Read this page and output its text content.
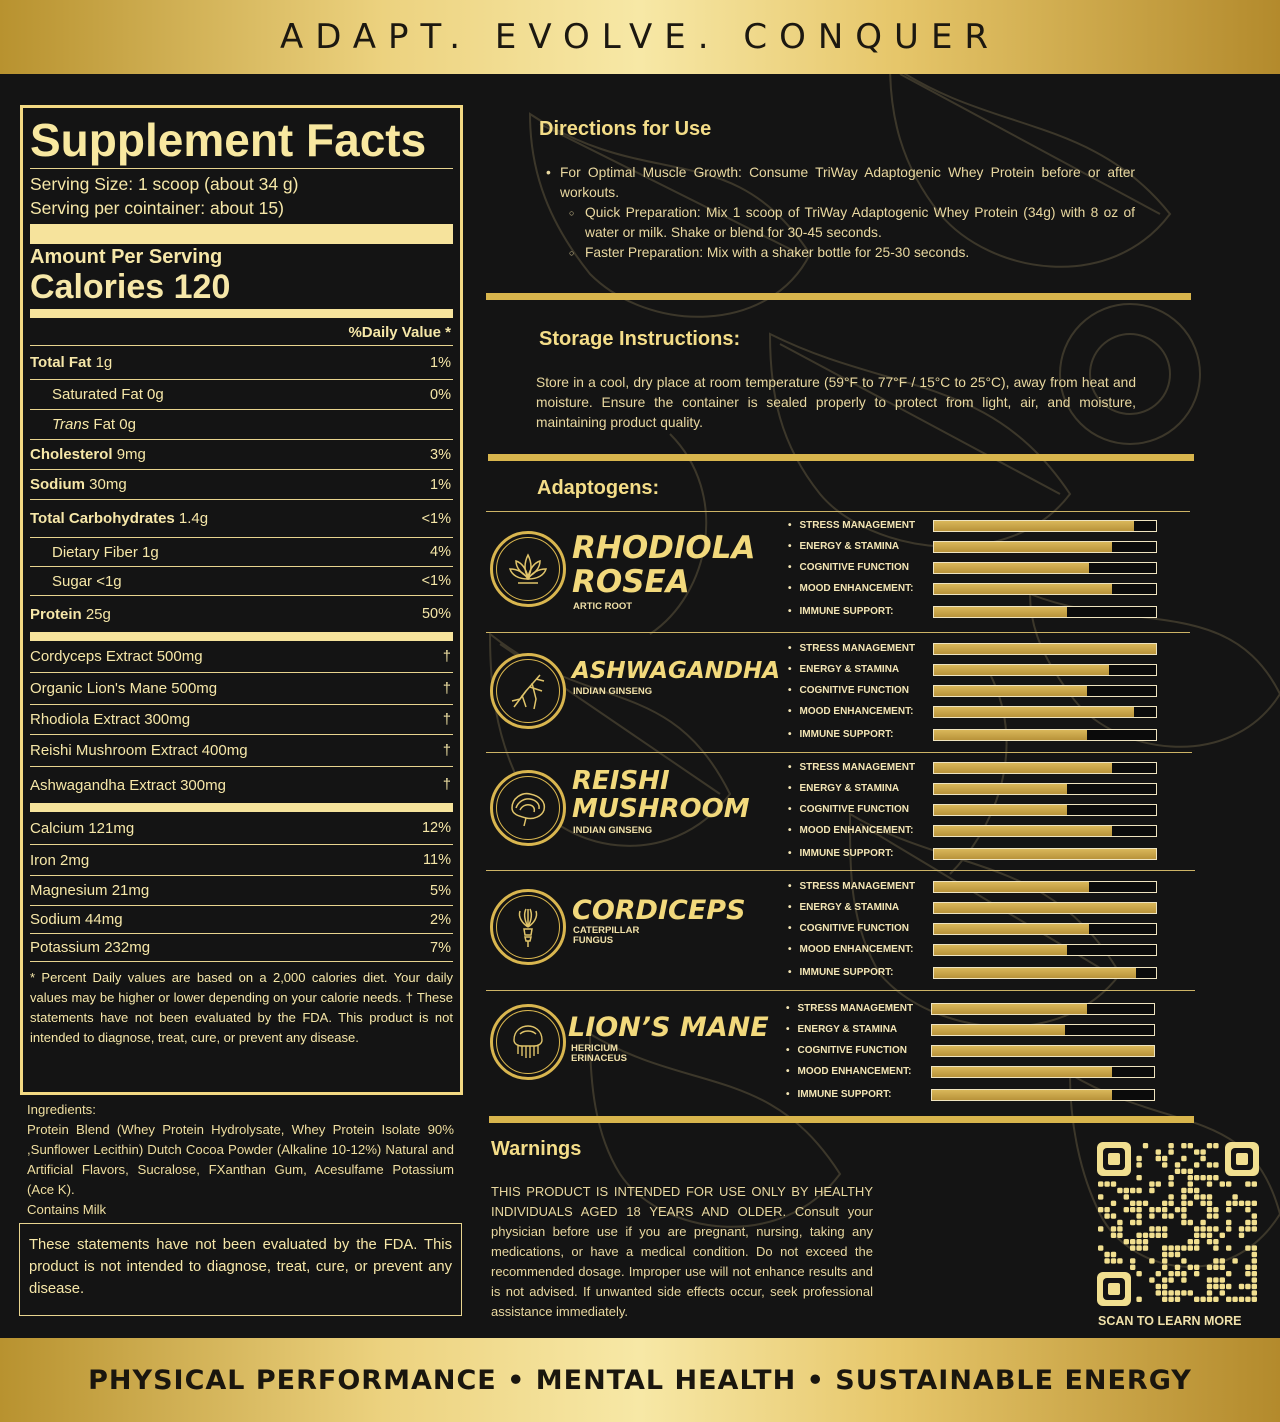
ADAPT. EVOLVE. CONQUER
Supplement Facts
Serving Size: 1 scoop (about 34 g)
Serving per cointainer: about 15)
Amount Per Serving
Calories 120
%Daily Value *
Total Fat 1g	1%
Saturated Fat 0g	0%
Trans Fat 0g
Cholesterol 9mg	3%
Sodium 30mg	1%
Total Carbohydrates 1.4g	<1%
Dietary Fiber 1g	4%
Sugar <1g	<1%
Protein 25g	50%
Cordyceps Extract 500mg	†
Organic Lion's Mane 500mg	†
Rhodiola Extract 300mg	†
Reishi Mushroom Extract 400mg	†
Ashwagandha Extract 300mg	†
Calcium 121mg	12%
Iron 2mg	11%
Magnesium 21mg	5%
Sodium 44mg	2%
Potassium 232mg	7%
* Percent Daily values are based on a 2,000 calories diet. Your daily values may be higher or lower depending on your calorie needs. † These statements have not been evaluated by the FDA. This product is not intended to diagnose, treat, cure, or prevent any disease.
Ingredients:
Protein Blend (Whey Protein Hydrolysate, Whey Protein Isolate 90% ,Sunflower Lecithin) Dutch Cocoa Powder (Alkaline 10-12%) Natural and Artificial Flavors, Sucralose, FXanthan Gum, Acesulfame Potassium (Ace K).
Contains Milk
These statements have not been evaluated by the FDA. This product is not intended to diagnose, treat, cure, or prevent any disease.
Directions for Use
• For Optimal Muscle Growth: Consume TriWay Adaptogenic Whey Protein before or after workouts.
○ Quick Preparation: Mix 1 scoop of TriWay Adaptogenic Whey Protein (34g) with 8 oz of water or milk. Shake or blend for 30-45 seconds.
○ Faster Preparation: Mix with a shaker bottle for 25-30 seconds.
Storage Instructions:
Store in a cool, dry place at room temperature (59°F to 77°F / 15°C to 25°C), away from heat and moisture. Ensure the container is sealed properly to protect from light, air, and moisture, maintaining product quality.
Adaptogens:
RHODIOLA
ROSEA
ARTIC ROOT
• STRESS MANAGEMENT
• ENERGY & STAMINA
• COGNITIVE FUNCTION
• MOOD ENHANCEMENT:
• IMMUNE SUPPORT:
ASHWAGANDHA
INDIAN GINSENG
• STRESS MANAGEMENT
• ENERGY & STAMINA
• COGNITIVE FUNCTION
• MOOD ENHANCEMENT:
• IMMUNE SUPPORT:
REISHI
MUSHROOM
INDIAN GINSENG
• STRESS MANAGEMENT
• ENERGY & STAMINA
• COGNITIVE FUNCTION
• MOOD ENHANCEMENT:
• IMMUNE SUPPORT:
CORDICEPS
CATERPILLAR
FUNGUS
• STRESS MANAGEMENT
• ENERGY & STAMINA
• COGNITIVE FUNCTION
• MOOD ENHANCEMENT:
• IMMUNE SUPPORT:
LION’S MANE
HERICIUM
ERINACEUS
• STRESS MANAGEMENT
• ENERGY & STAMINA
• COGNITIVE FUNCTION
• MOOD ENHANCEMENT:
• IMMUNE SUPPORT:
Warnings
THIS PRODUCT IS INTENDED FOR USE ONLY BY HEALTHY INDIVIDUALS AGED 18 YEARS AND OLDER. Consult your physician before use if you are pregnant, nursing, taking any medications, or have a medical condition. Do not exceed the recommended dosage. Improper use will not enhance results and is not advised. If unwanted side effects occur, seek professional assistance immediately.
SCAN TO LEARN MORE
PHYSICAL PERFORMANCE • MENTAL HEALTH • SUSTAINABLE ENERGY
